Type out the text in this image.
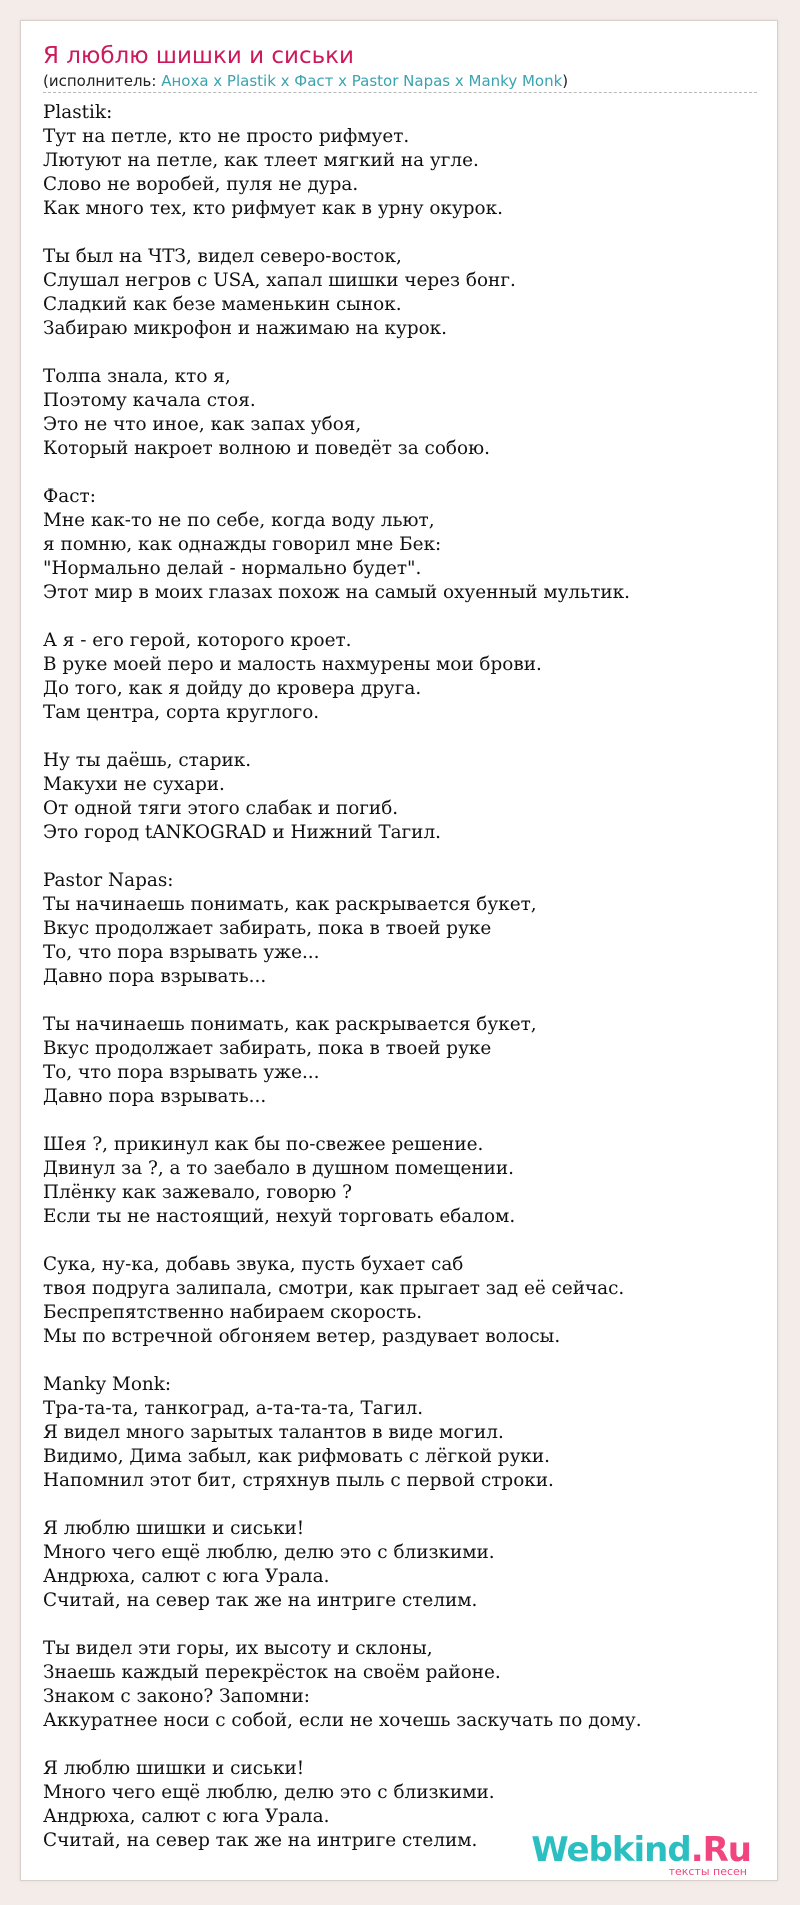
Я люблю шишки и сиськи
(исполнитель: Аноха x Plastik x Фаст x Pastor Napas x Manky Monk)
Plastik:
Тут на петле, кто не просто рифмует.
Лютуют на петле, как тлеет мягкий на угле.
Слово не воробей, пуля не дура.
Как много тех, кто рифмует как в урну окурок.
Ты был на ЧТЗ, видел северо-восток,
Слушал негров с USA, хапал шишки через бонг.
Сладкий как безе маменькин сынок.
Забираю микрофон и нажимаю на курок.
Толпа знала, кто я,
Поэтому качала стоя.
Это не что иное, как запах убоя,
Который накроет волною и поведёт за собою.
Фаст:
Мне как-то не по себе, когда воду льют,
я помню, как однажды говорил мне Бек:
"Нормально делай - нормально будет".
Этот мир в моих глазах похож на самый охуенный мультик.
А я - его герой, которого кроет.
В руке моей перо и малость нахмурены мои брови.
До того, как я дойду до кровера друга.
Там центра, сорта круглого.
Ну ты даёшь, старик.
Макухи не сухари.
От одной тяги этого слабак и погиб.
Это город tANKOGRAD и Нижний Тагил.
Pastor Napas:
Ты начинаешь понимать, как раскрывается букет,
Вкус продолжает забирать, пока в твоей руке
То, что пора взрывать уже...
Давно пора взрывать...
Ты начинаешь понимать, как раскрывается букет,
Вкус продолжает забирать, пока в твоей руке
То, что пора взрывать уже...
Давно пора взрывать...
Шея ?, прикинул как бы по-свежее решение.
Двинул за ?, а то заебало в душном помещении.
Плёнку как зажевало, говорю ?
Если ты не настоящий, нехуй торговать ебалом.
Сука, ну-ка, добавь звука, пусть бухает саб
твоя подруга залипала, смотри, как прыгает зад её сейчас.
Беспрепятственно набираем скорость.
Мы по встречной обгоняем ветер, раздувает волосы.
Manky Monk:
Тра-та-та, танкоград, а-та-та-та, Тагил.
Я видел много зарытых талантов в виде могил.
Видимо, Дима забыл, как рифмовать с лёгкой руки.
Напомнил этот бит, стряхнув пыль с первой строки.
Я люблю шишки и сиськи!
Много чего ещё люблю, делю это с близкими.
Андрюха, салют с юга Урала.
Считай, на север так же на интриге стелим.
Ты видел эти горы, их высоту и склоны,
Знаешь каждый перекрёсток на своём районе.
Знаком с законо? Запомни:
Аккуратнее носи с собой, если не хочешь заскучать по дому.
Я люблю шишки и сиськи!
Много чего ещё люблю, делю это с близкими.
Андрюха, салют с юга Урала.
Считай, на север так же на интриге стелим.	Webkind.Ru
тексты песен
